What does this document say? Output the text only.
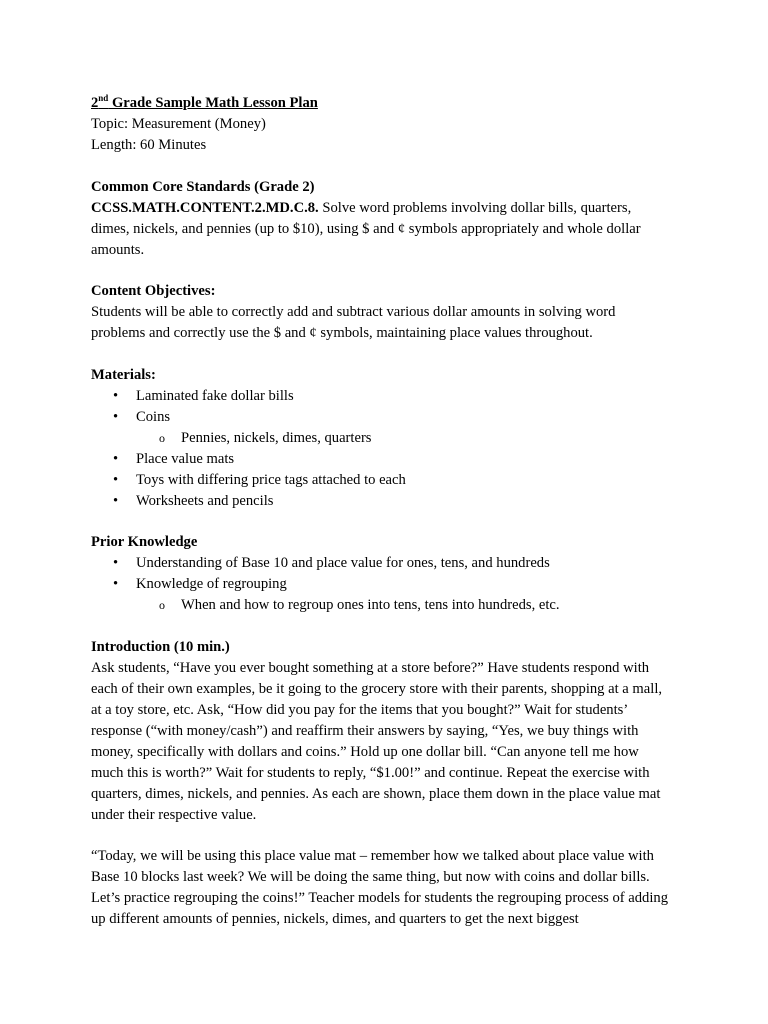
2nd Grade Sample Math Lesson Plan

Topic: Measurement (Money)

Length: 60 Minutes

Common Core Standards (Grade 2)

CCSS.MATH.CONTENT.2.MD.C.8. Solve word problems involving dollar bills, quarters, dimes, nickels, and pennies (up to $10), using $ and ¢ symbols appropriately and whole dollar amounts.

Content Objectives:

Students will be able to correctly add and subtract various dollar amounts in solving word problems and correctly use the $ and ¢ symbols, maintaining place values throughout.

Materials:

• Laminated fake dollar bills
• Coins
o Pennies, nickels, dimes, quarters
• Place value mats
• Toys with differing price tags attached to each
• Worksheets and pencils

Prior Knowledge

• Understanding of Base 10 and place value for ones, tens, and hundreds
• Knowledge of regrouping
o When and how to regroup ones into tens, tens into hundreds, etc.

Introduction (10 min.)

Ask students, “Have you ever bought something at a store before?” Have students respond with each of their own examples, be it going to the grocery store with their parents, shopping at a mall, at a toy store, etc. Ask, “How did you pay for the items that you bought?” Wait for students’ response (“with money/cash”) and reaffirm their answers by saying, “Yes, we buy things with money, specifically with dollars and coins.” Hold up one dollar bill. “Can anyone tell me how much this is worth?” Wait for students to reply, “$1.00!” and continue. Repeat the exercise with quarters, dimes, nickels, and pennies. As each are shown, place them down in the place value mat under their respective value.

“Today, we will be using this place value mat – remember how we talked about place value with Base 10 blocks last week? We will be doing the same thing, but now with coins and dollar bills. Let’s practice regrouping the coins!” Teacher models for students the regrouping process of adding up different amounts of pennies, nickels, dimes, and quarters to get the next biggest
